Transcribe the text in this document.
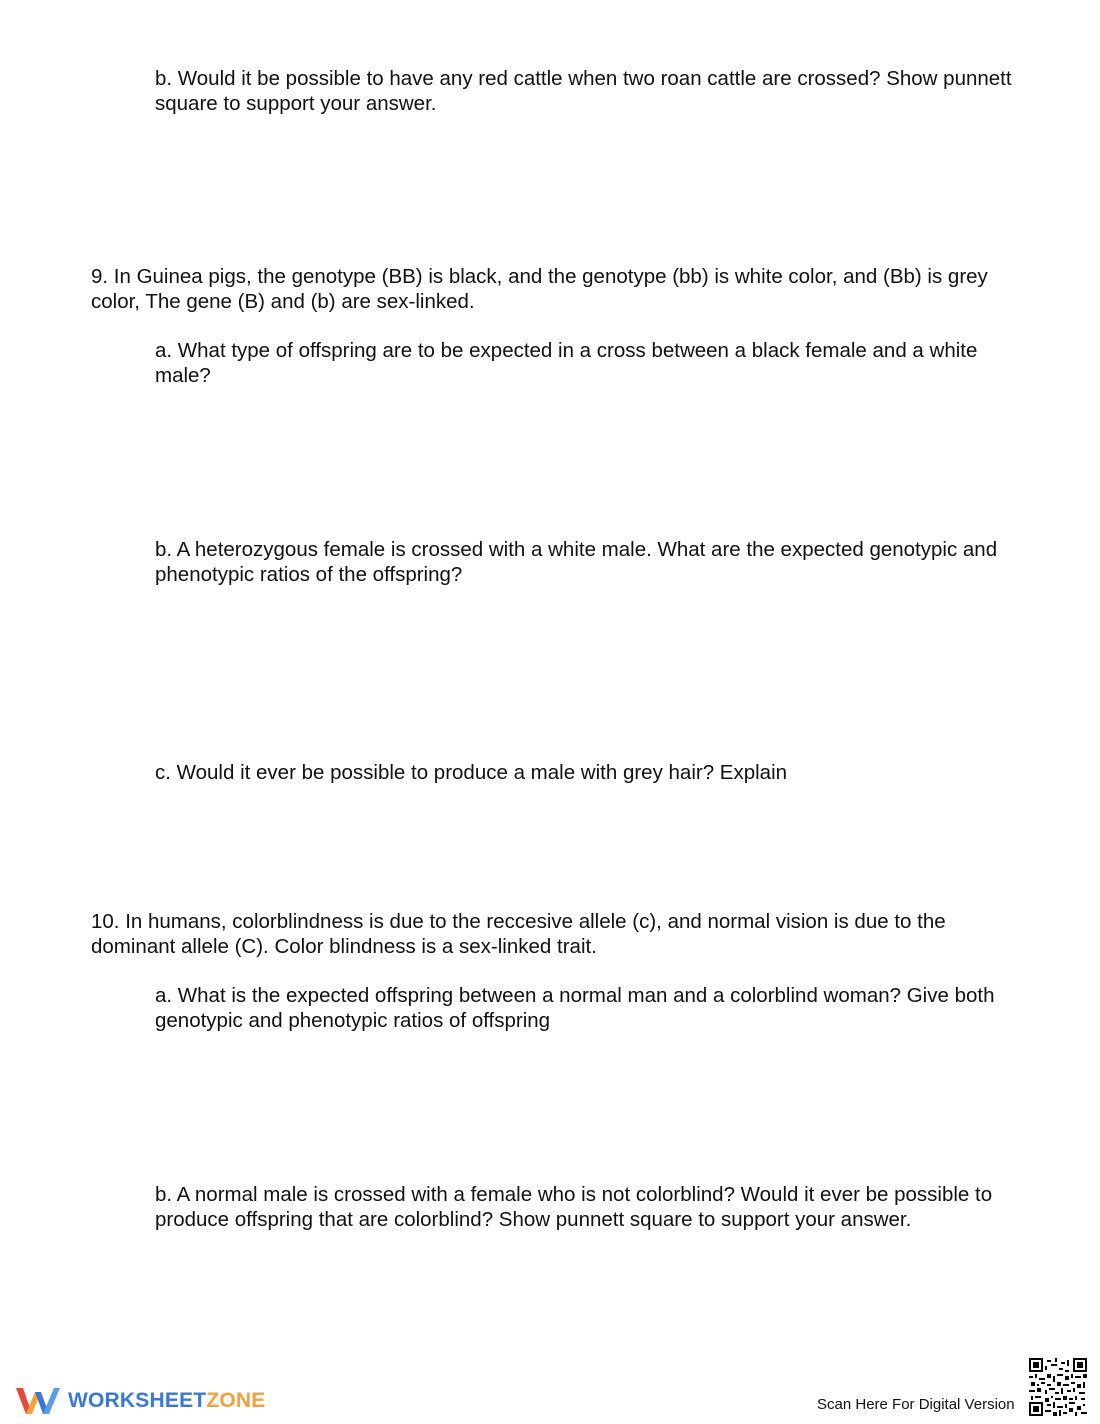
b. Would it be possible to have any red cattle when two roan cattle are crossed? Show punnett square to support your answer.

9. In Guinea pigs, the genotype (BB) is black, and the genotype (bb) is white color, and (Bb) is grey color, The gene (B) and (b) are sex-linked.

a. What type of offspring are to be expected in a cross between a black female and a white male?

b. A heterozygous female is crossed with a white male. What are the expected genotypic and phenotypic ratios of the offspring?

c. Would it ever be possible to produce a male with grey hair? Explain

10. In humans, colorblindness is due to the reccesive allele (c), and normal vision is due to the dominant allele (C). Color blindness is a sex-linked trait.

a. What is the expected offspring between a normal man and a colorblind woman? Give both genotypic and phenotypic ratios of offspring

b. A normal male is crossed with a female who is not colorblind? Would it ever be possible to produce offspring that are colorblind? Show punnett square to support your answer.

WORKSHEETZONE	Scan Here For Digital Version
